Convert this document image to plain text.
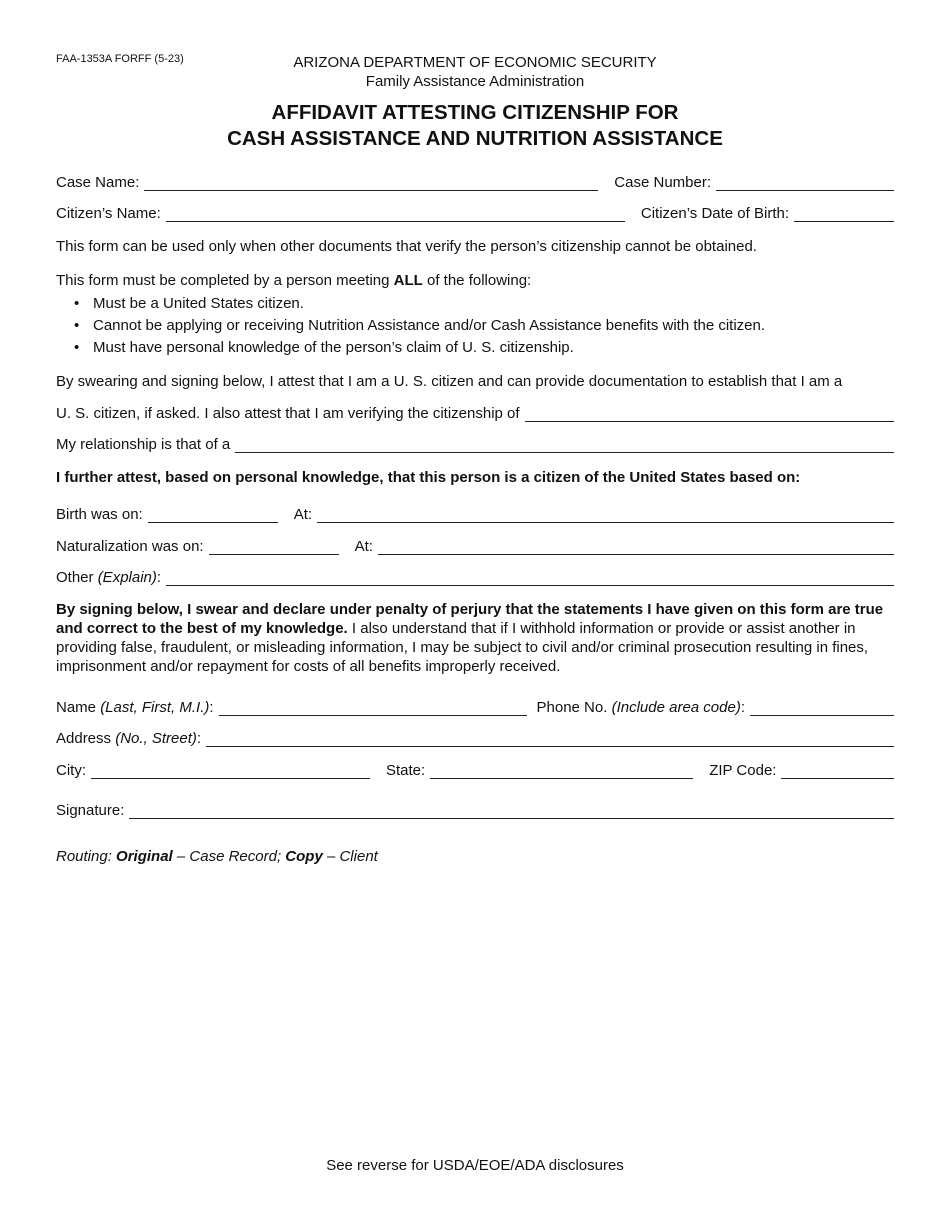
FAA-1353A FORFF (5-23)	ARIZONA DEPARTMENT OF ECONOMIC SECURITY
Family Assistance Administration
AFFIDAVIT ATTESTING CITIZENSHIP FOR
CASH ASSISTANCE AND NUTRITION ASSISTANCE
Case Name:	Case Number:
Citizen’s Name:	Citizen’s Date of Birth:
This form can be used only when other documents that verify the person’s citizenship cannot be obtained.
This form must be completed by a person meeting ALL of the following:
• Must be a United States citizen.
• Cannot be applying or receiving Nutrition Assistance and/or Cash Assistance benefits with the citizen.
• Must have personal knowledge of the person’s claim of U. S. citizenship.
By swearing and signing below, I attest that I am a U. S. citizen and can provide documentation to establish that I am a
U. S. citizen, if asked. I also attest that I am verifying the citizenship of
My relationship is that of a
I further attest, based on personal knowledge, that this person is a citizen of the United States based on:
Birth was on:	At:
Naturalization was on:	At:
Other (Explain):
By signing below, I swear and declare under penalty of perjury that the statements I have given on this form are true and correct to the best of my knowledge. I also understand that if I withhold information or provide or assist another in providing false, fraudulent, or misleading information, I may be subject to civil and/or criminal prosecution resulting in fines, imprisonment and/or repayment for costs of all benefits improperly received.
Name (Last, First, M.I.):	Phone No. (Include area code):
Address (No., Street):
City:	State:	ZIP Code:
Signature:
Routing: Original – Case Record; Copy – Client
See reverse for USDA/EOE/ADA disclosures
